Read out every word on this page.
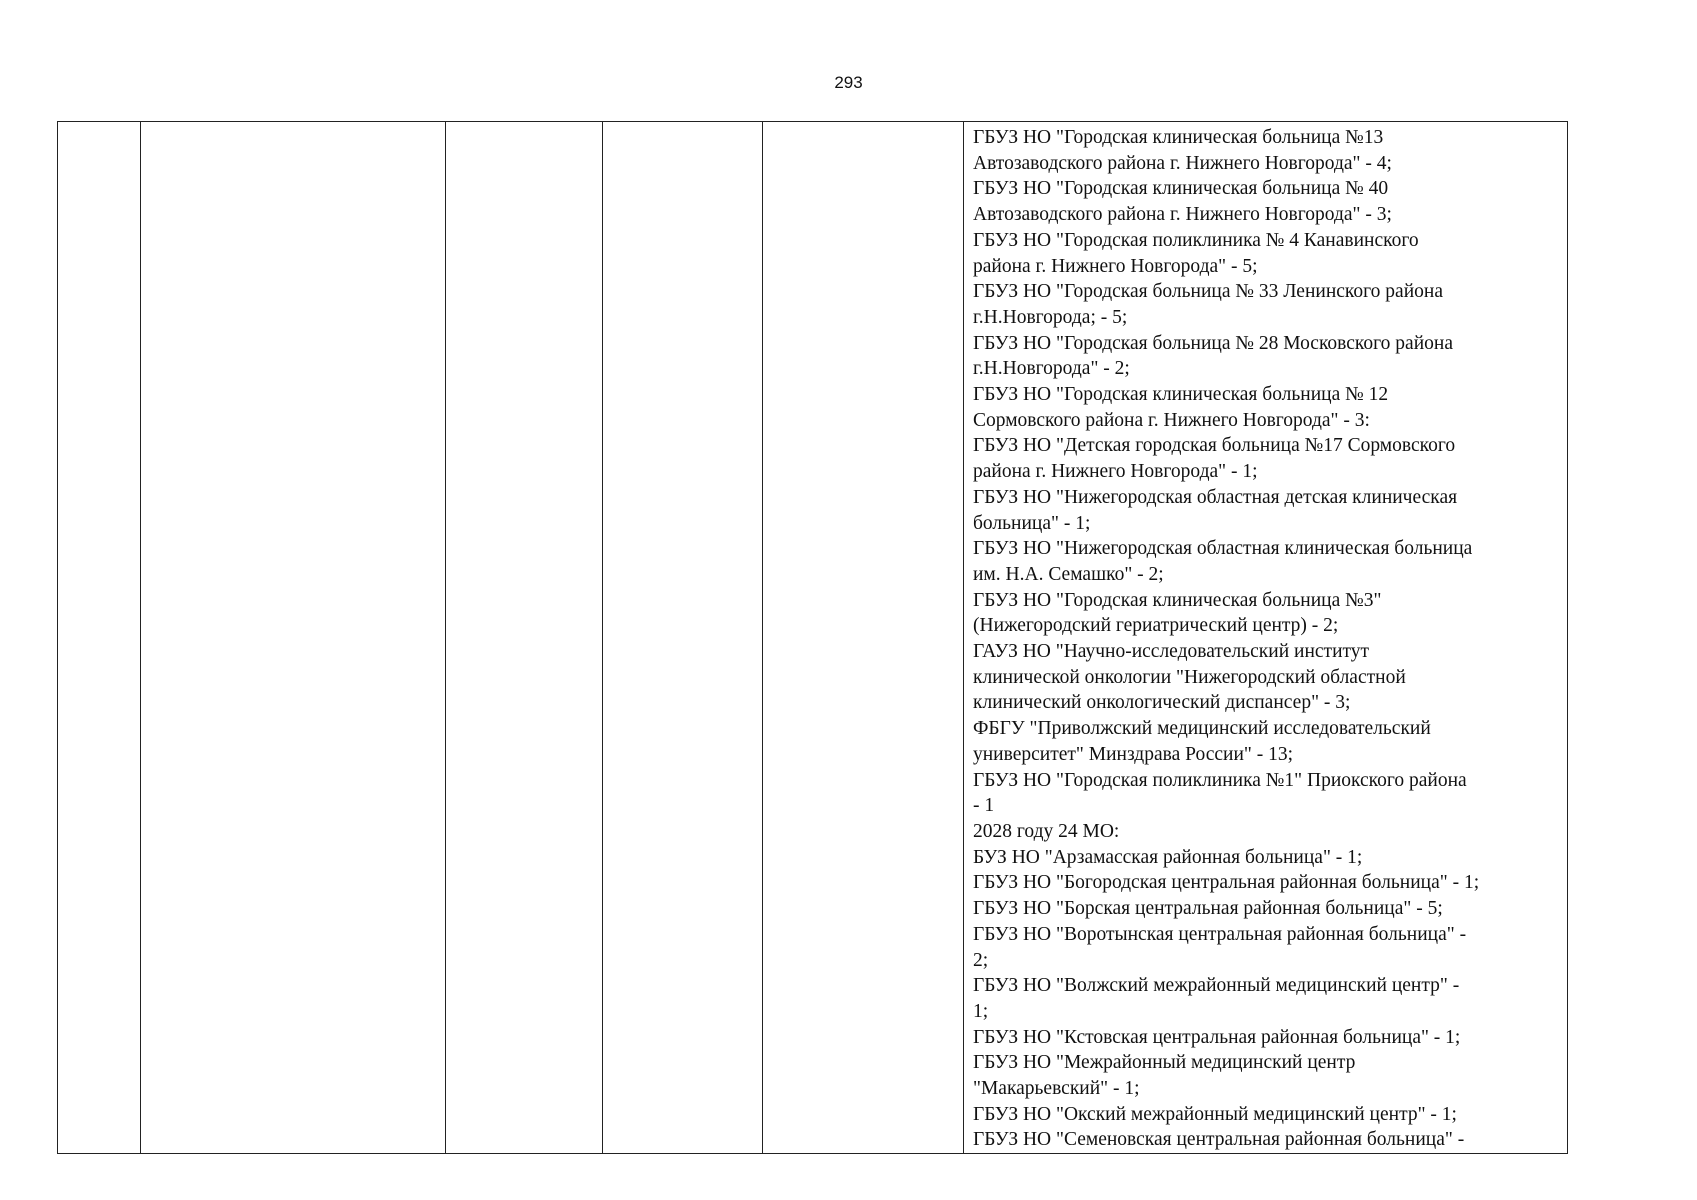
293

ГБУЗ НО "Городская клиническая больница №13
Автозаводского района г. Нижнего Новгорода" - 4;
ГБУЗ НО "Городская клиническая больница № 40
Автозаводского района г. Нижнего Новгорода" - 3;
ГБУЗ НО "Городская поликлиника № 4 Канавинского
района г. Нижнего Новгорода" - 5;
ГБУЗ НО "Городская больница № 33 Ленинского района
г.Н.Новгорода; - 5;
ГБУЗ НО "Городская больница № 28 Московского района
г.Н.Новгорода" - 2;
ГБУЗ НО "Городская клиническая больница № 12
Сормовского района г. Нижнего Новгорода" - 3:
ГБУЗ НО "Детская городская больница №17 Сормовского
района г. Нижнего Новгорода" - 1;
ГБУЗ НО "Нижегородская областная детская клиническая
больница" - 1;
ГБУЗ НО "Нижегородская областная клиническая больница
им. Н.А. Семашко" - 2;
ГБУЗ НО "Городская клиническая больница №3"
(Нижегородский гериатрический центр) - 2;
ГАУЗ НО "Научно-исследовательский институт
клинической онкологии "Нижегородский областной
клинический онкологический диспансер" - 3;
ФБГУ "Приволжский медицинский исследовательский
университет" Минздрава России" - 13;
ГБУЗ НО "Городская поликлиника №1" Приокского района
- 1
2028 году 24 МО:
БУЗ НО "Арзамасская районная больница" - 1;
ГБУЗ НО "Богородская центральная районная больница" - 1;
ГБУЗ НО "Борская центральная районная больница" - 5;
ГБУЗ НО "Воротынская центральная районная больница" -
2;
ГБУЗ НО "Волжский межрайонный медицинский центр" -
1;
ГБУЗ НО "Кстовская центральная районная больница" - 1;
ГБУЗ НО "Межрайонный медицинский центр
"Макарьевский" - 1;
ГБУЗ НО "Окский межрайонный медицинский центр" - 1;
ГБУЗ НО "Семеновская центральная районная больница" -
